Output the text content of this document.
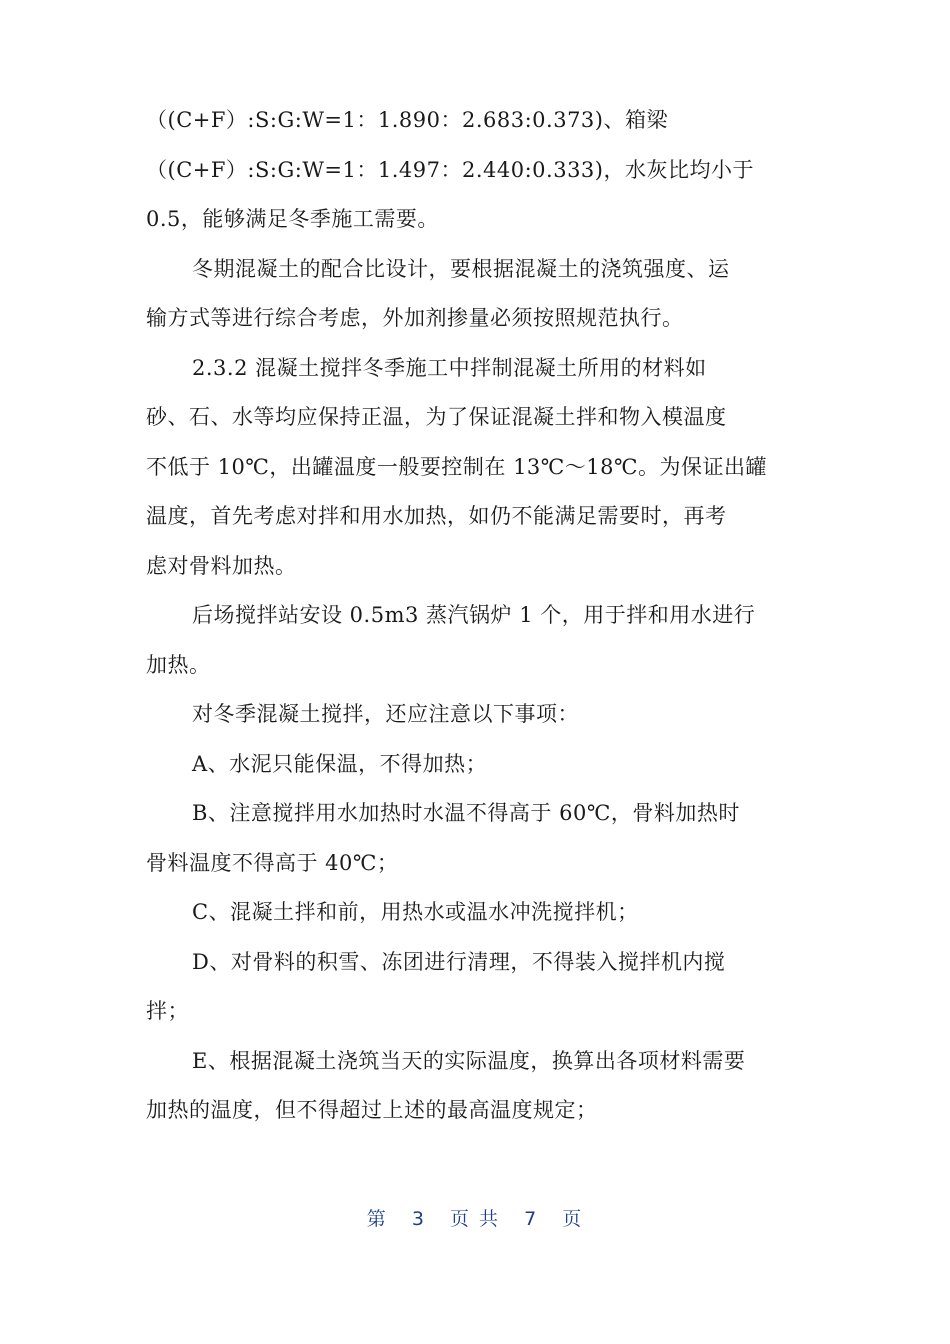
（(C+F）:S:G:W=1：1.890：2.683:0.373)、箱梁
（(C+F）:S:G:W=1：1.497：2.440:0.333)，水灰比均小于
0.5，能够满足冬季施工需要。
冬期混凝土的配合比设计，要根据混凝土的浇筑强度、运
输方式等进行综合考虑，外加剂掺量必须按照规范执行。
2.3.2 混凝土搅拌冬季施工中拌制混凝土所用的材料如
砂、石、水等均应保持正温，为了保证混凝土拌和物入模温度
不低于 10℃，出罐温度一般要控制在 13℃～18℃。为保证出罐
温度，首先考虑对拌和用水加热，如仍不能满足需要时，再考
虑对骨料加热。
后场搅拌站安设 0.5m3 蒸汽锅炉 1 个，用于拌和用水进行
加热。
对冬季混凝土搅拌，还应注意以下事项：
A、水泥只能保温，不得加热；
B、注意搅拌用水加热时水温不得高于 60℃，骨料加热时
骨料温度不得高于 40℃；
C、混凝土拌和前，用热水或温水冲洗搅拌机；
D、对骨料的积雪、冻团进行清理，不得装入搅拌机内搅
拌；
E、根据混凝土浇筑当天的实际温度，换算出各项材料需要
加热的温度，但不得超过上述的最高温度规定；
第 3 页 共 7 页
